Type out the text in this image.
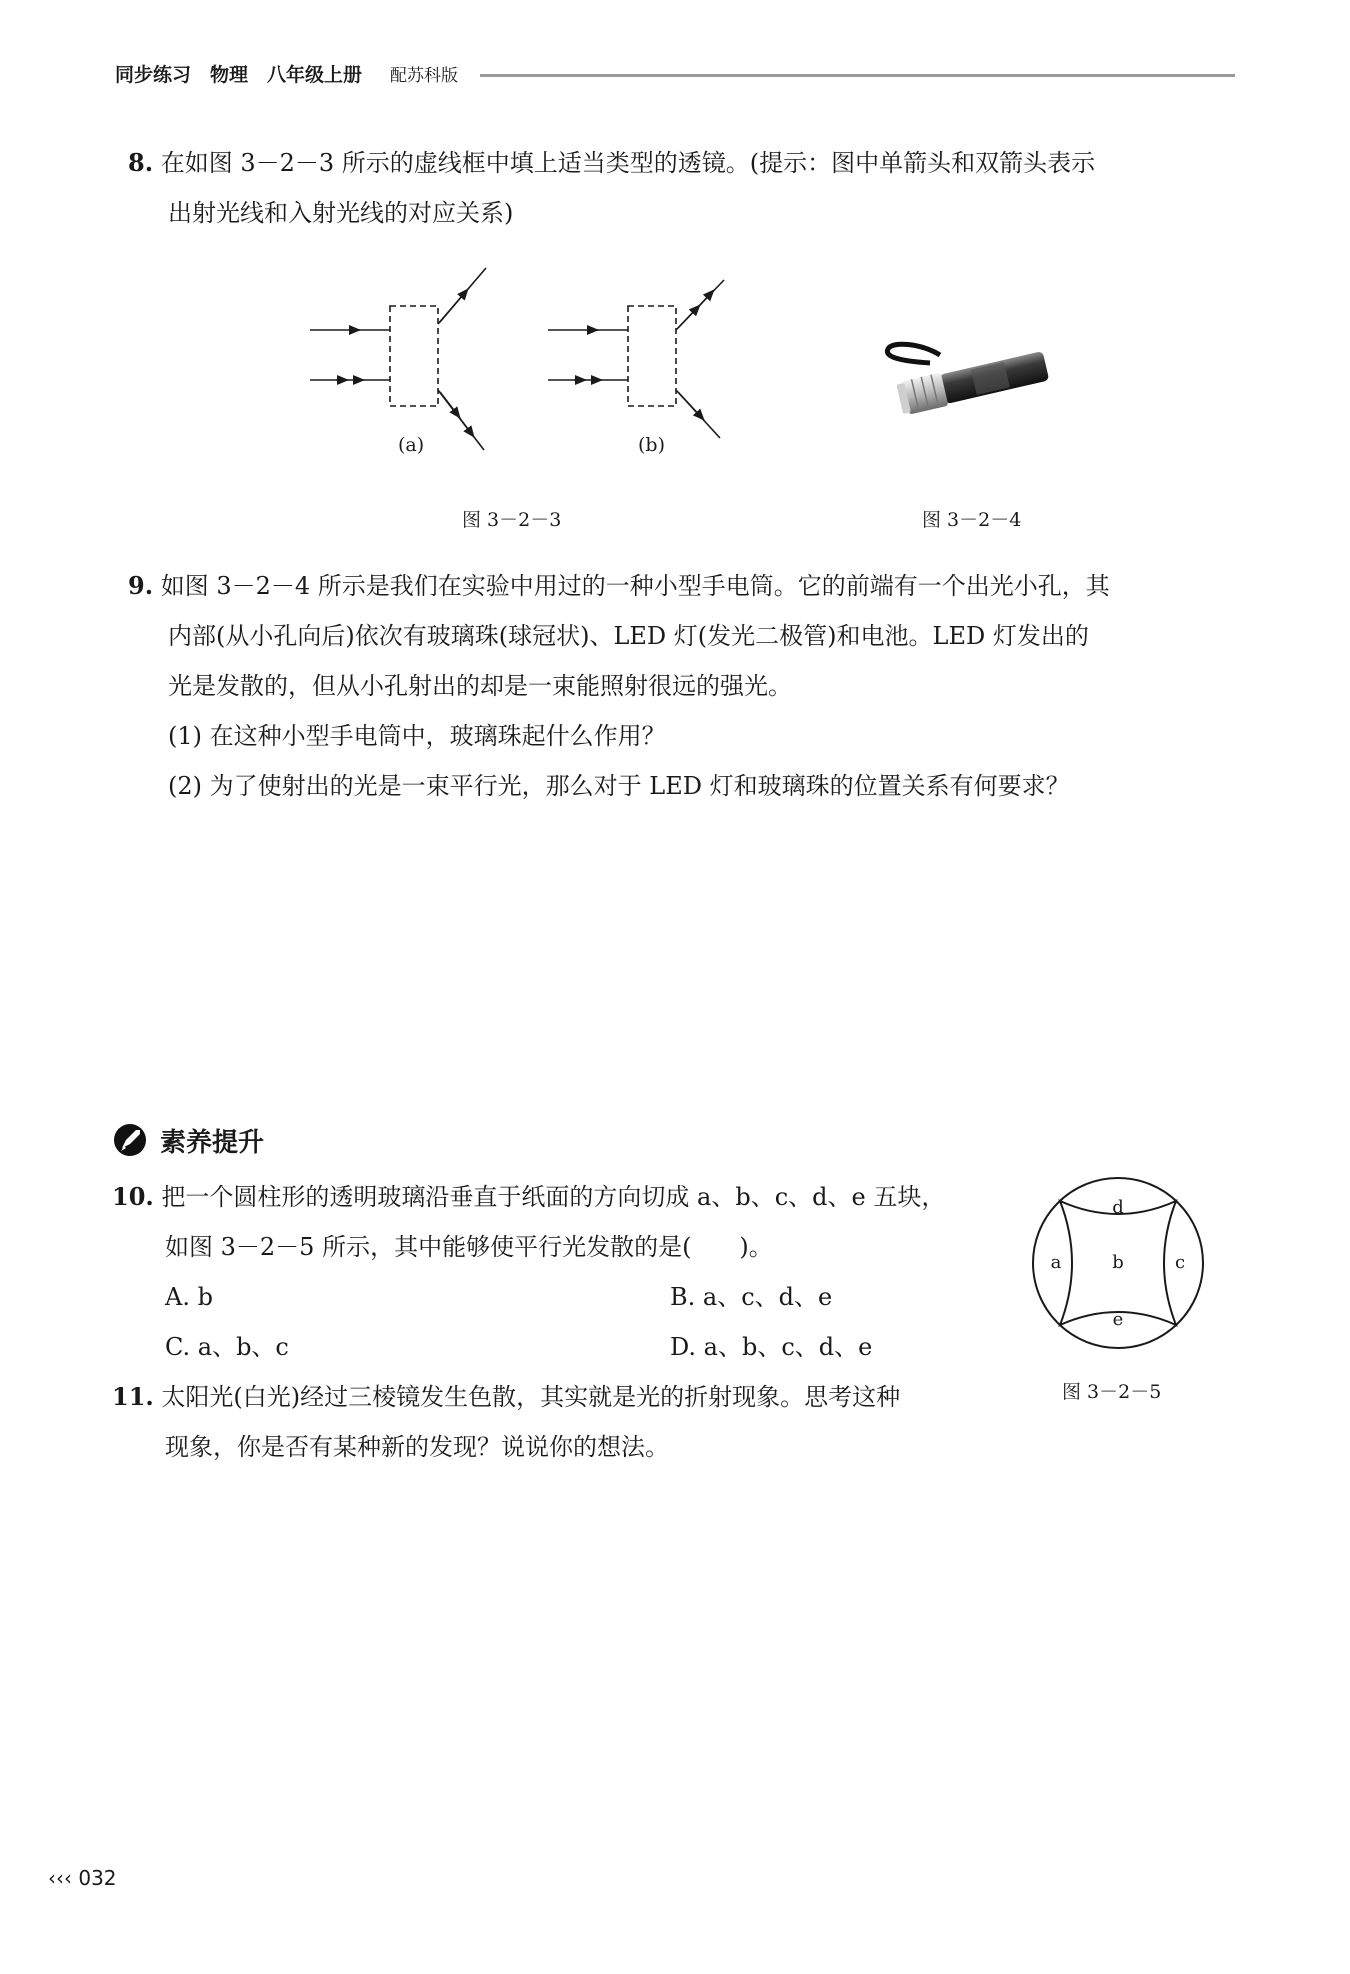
同步练习　物理　八年级上册 配苏科版
8. 在如图 3－2－3 所示的虚线框中填上适当类型的透镜。(提示：图中单箭头和双箭头表示
出射光线和入射光线的对应关系)
(a)	(b)
图 3－2－3	图 3－2－4
9. 如图 3－2－4 所示是我们在实验中用过的一种小型手电筒。它的前端有一个出光小孔，其
内部(从小孔向后)依次有玻璃珠(球冠状)、LED 灯(发光二极管)和电池。LED 灯发出的
光是发散的，但从小孔射出的却是一束能照射很远的强光。
(1) 在这种小型手电筒中，玻璃珠起什么作用？
(2) 为了使射出的光是一束平行光，那么对于 LED 灯和玻璃珠的位置关系有何要求？
素养提升
10. 把一个圆柱形的透明玻璃沿垂直于纸面的方向切成 a、b、c、d、e 五块，
如图 3－2－5 所示，其中能够使平行光发散的是(　　)。
A. b	B. a、c、d、e
C. a、b、c	D. a、b、c、d、e
d
a	b	c
e
图 3－2－5
11. 太阳光(白光)经过三棱镜发生色散，其实就是光的折射现象。思考这种
现象，你是否有某种新的发现？说说你的想法。
‹‹‹ 032
